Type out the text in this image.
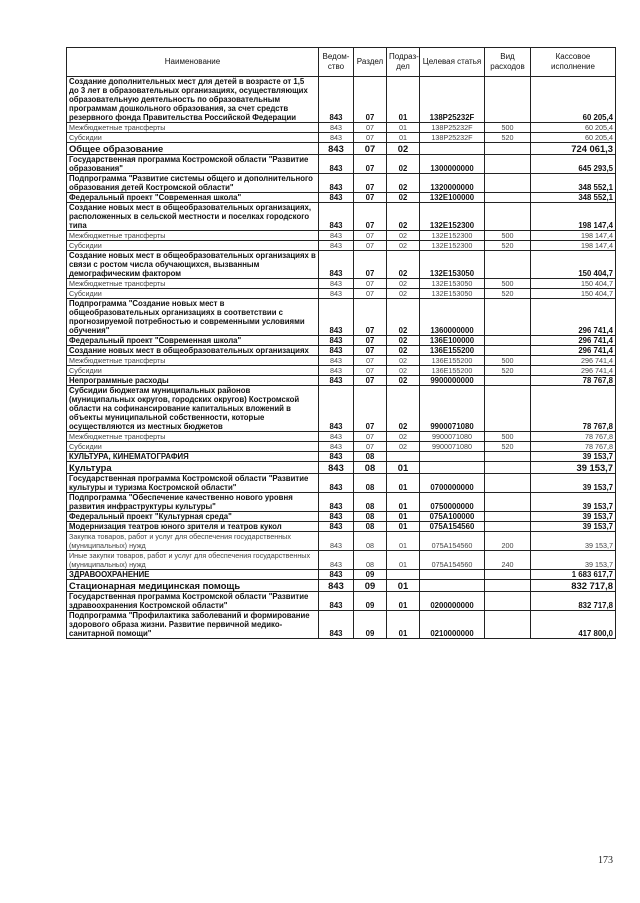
Наименование	Ведом-ство	Раздел	Подраз-дел	Целевая статья	Вид расходов	Кассовое исполнение
Создание дополнительных мест для детей в возрасте от 1,5 до 3 лет в образовательных организациях, осуществляющих образовательную деятельность по образовательным программам дошкольного образования, за счет средств резервного фонда Правительства Российской Федерации	843	07	01	138P25232F		60 205,4
Межбюджетные трансферты	843	07	01	138P25232F	500	60 205,4
Субсидии	843	07	01	138P25232F	520	60 205,4
Общее образование	843	07	02			724 061,3
Государственная программа Костромской области "Развитие образования"	843	07	02	1300000000		645 293,5
Подпрограмма "Развитие системы общего и дополнительного образования детей Костромской области"	843	07	02	1320000000		348 552,1
Федеральный проект "Современная школа"	843	07	02	132E100000		348 552,1
Создание новых мест в общеобразовательных организациях, расположенных в сельской местности и поселках городского типа	843	07	02	132E152300		198 147,4
Межбюджетные трансферты	843	07	02	132E152300	500	198 147,4
Субсидии	843	07	02	132E152300	520	198 147,4
Создание новых мест в общеобразовательных организациях в связи с ростом числа обучающихся, вызванным демографическим фактором	843	07	02	132E153050		150 404,7
Межбюджетные трансферты	843	07	02	132E153050	500	150 404,7
Субсидии	843	07	02	132E153050	520	150 404,7
Подпрограмма "Создание новых мест в общеобразовательных организациях в соответствии с прогнозируемой потребностью и современными условиями обучения"	843	07	02	1360000000		296 741,4
Федеральный проект "Современная школа"	843	07	02	136E100000		296 741,4
Создание новых мест в общеобразовательных организациях	843	07	02	136E155200		296 741,4
Межбюджетные трансферты	843	07	02	136E155200	500	296 741,4
Субсидии	843	07	02	136E155200	520	296 741,4
Непрограммные расходы	843	07	02	9900000000		78 767,8
Субсидии бюджетам муниципальных районов (муниципальных округов, городских округов) Костромской области на софинансирование капитальных вложений в объекты муниципальной собственности, которые осуществляются из местных бюджетов	843	07	02	9900071080		78 767,8
Межбюджетные трансферты	843	07	02	9900071080	500	78 767,8
Субсидии	843	07	02	9900071080	520	78 767,8
КУЛЬТУРА, КИНЕМАТОГРАФИЯ	843	08				39 153,7
Культура	843	08	01			39 153,7
Государственная программа Костромской области "Развитие культуры и туризма Костромской области"	843	08	01	0700000000		39 153,7
Подпрограмма "Обеспечение качественно нового уровня развития инфраструктуры культуры"	843	08	01	0750000000		39 153,7
Федеральный проект "Культурная среда"	843	08	01	075A100000		39 153,7
Модернизация театров юного зрителя и театров кукол	843	08	01	075A154560		39 153,7
Закупка товаров, работ и услуг для обеспечения государственных (муниципальных) нужд	843	08	01	075A154560	200	39 153,7
Иные закупки товаров, работ и услуг для обеспечения государственных (муниципальных) нужд	843	08	01	075A154560	240	39 153,7
ЗДРАВООХРАНЕНИЕ	843	09				1 683 617,7
Стационарная медицинская помощь	843	09	01			832 717,8
Государственная программа Костромской области "Развитие здравоохранения Костромской области"	843	09	01	0200000000		832 717,8
Подпрограмма "Профилактика заболеваний и формирование здорового образа жизни. Развитие первичной медико-санитарной помощи"	843	09	01	0210000000		417 800,0
173
